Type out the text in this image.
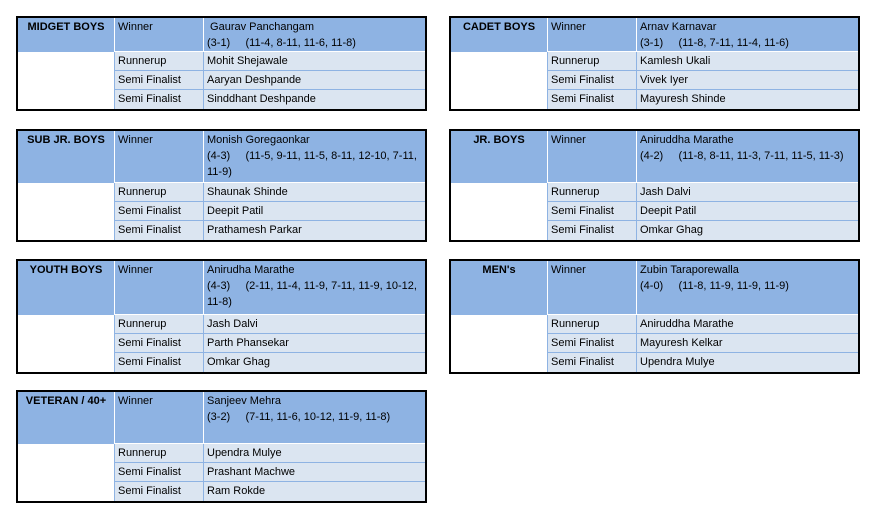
MIDGET BOYS	Winner	Gaurav Panchangam
(3-1)     (11-4, 8-11, 11-6, 11-8)
Runnerup	Mohit Shejawale
Semi Finalist	Aaryan Deshpande
Semi Finalist	Sinddhant Deshpande
CADET BOYS	Winner	Arnav Karnavar
(3-1)     (11-8, 7-11, 11-4, 11-6)
Runnerup	Kamlesh Ukali
Semi Finalist	Vivek Iyer
Semi Finalist	Mayuresh Shinde
SUB JR. BOYS	Winner	Monish Goregaonkar
(4-3)     (11-5, 9-11, 11-5, 8-11, 12-10, 7-11, 11-9)
Runnerup	Shaunak Shinde
Semi Finalist	Deepit Patil
Semi Finalist	Prathamesh Parkar
JR. BOYS	Winner	Aniruddha Marathe
(4-2)     (11-8, 8-11, 11-3, 7-11, 11-5, 11-3)
Runnerup	Jash Dalvi
Semi Finalist	Deepit Patil
Semi Finalist	Omkar Ghag
YOUTH BOYS	Winner	Anirudha Marathe
(4-3)     (2-11, 11-4, 11-9, 7-11, 11-9, 10-12, 11-8)
Runnerup	Jash Dalvi
Semi Finalist	Parth Phansekar
Semi Finalist	Omkar Ghag
MEN's	Winner	Zubin Taraporewalla
(4-0)     (11-8, 11-9, 11-9, 11-9)
Runnerup	Aniruddha Marathe
Semi Finalist	Mayuresh Kelkar
Semi Finalist	Upendra Mulye
VETERAN / 40+	Winner	Sanjeev Mehra
(3-2)     (7-11, 11-6, 10-12, 11-9, 11-8)
Runnerup	Upendra Mulye
Semi Finalist	Prashant Machwe
Semi Finalist	Ram Rokde
